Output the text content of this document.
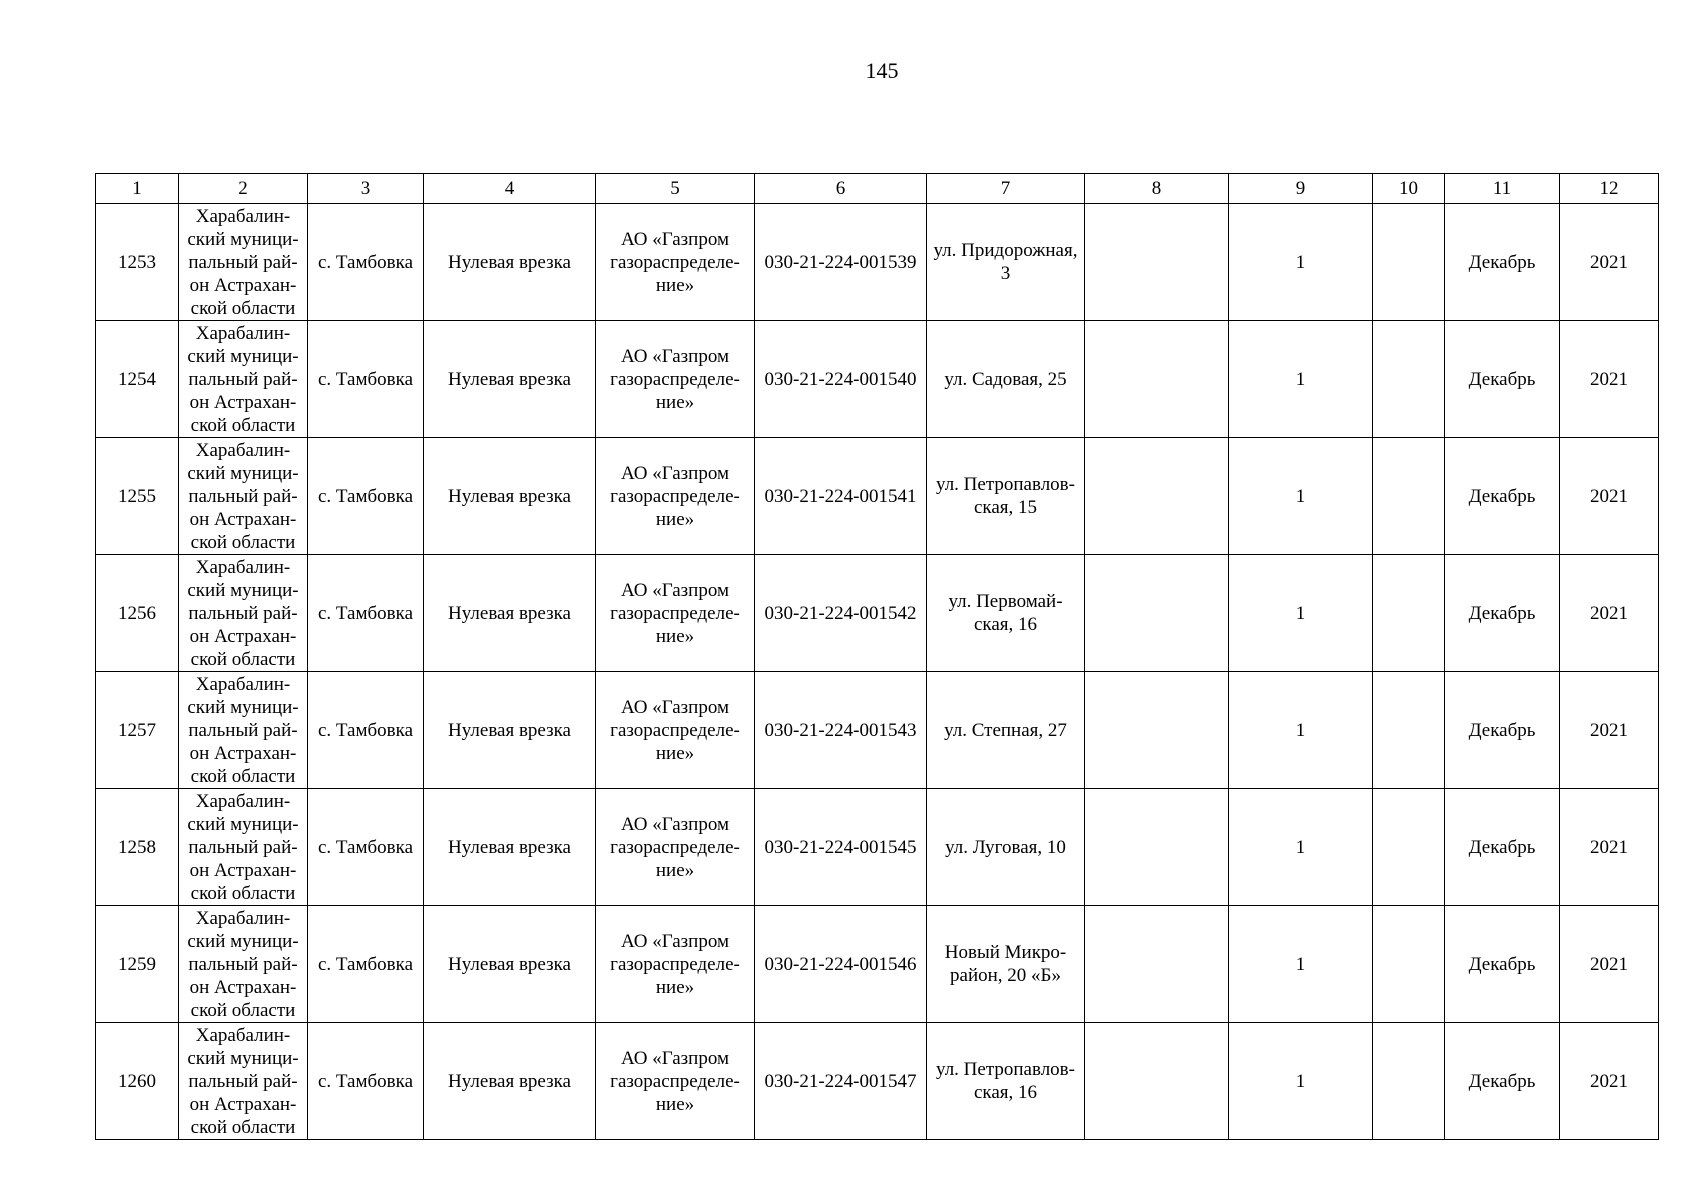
145
1	2	3	4	5	6	7	8	9	10	11	12
1253	Харабалин-
ский муници-
пальный рай-
он Астрахан-
ской области	с. Тамбовка	Нулевая врезка	АО «Газпром
газораспределе-
ние»	030-21-224-001539	ул. Придорожная,
3		1		Декабрь	2021
1254	Харабалин-
ский муници-
пальный рай-
он Астрахан-
ской области	с. Тамбовка	Нулевая врезка	АО «Газпром
газораспределе-
ние»	030-21-224-001540	ул. Садовая, 25		1		Декабрь	2021
1255	Харабалин-
ский муници-
пальный рай-
он Астрахан-
ской области	с. Тамбовка	Нулевая врезка	АО «Газпром
газораспределе-
ние»	030-21-224-001541	ул. Петропавлов-
ская, 15		1		Декабрь	2021
1256	Харабалин-
ский муници-
пальный рай-
он Астрахан-
ской области	с. Тамбовка	Нулевая врезка	АО «Газпром
газораспределе-
ние»	030-21-224-001542	ул. Первомай-
ская, 16		1		Декабрь	2021
1257	Харабалин-
ский муници-
пальный рай-
он Астрахан-
ской области	с. Тамбовка	Нулевая врезка	АО «Газпром
газораспределе-
ние»	030-21-224-001543	ул. Степная, 27		1		Декабрь	2021
1258	Харабалин-
ский муници-
пальный рай-
он Астрахан-
ской области	с. Тамбовка	Нулевая врезка	АО «Газпром
газораспределе-
ние»	030-21-224-001545	ул. Луговая, 10		1		Декабрь	2021
1259	Харабалин-
ский муници-
пальный рай-
он Астрахан-
ской области	с. Тамбовка	Нулевая врезка	АО «Газпром
газораспределе-
ние»	030-21-224-001546	Новый Микро-
район, 20 «Б»		1		Декабрь	2021
1260	Харабалин-
ский муници-
пальный рай-
он Астрахан-
ской области	с. Тамбовка	Нулевая врезка	АО «Газпром
газораспределе-
ние»	030-21-224-001547	ул. Петропавлов-
ская, 16		1		Декабрь	2021
